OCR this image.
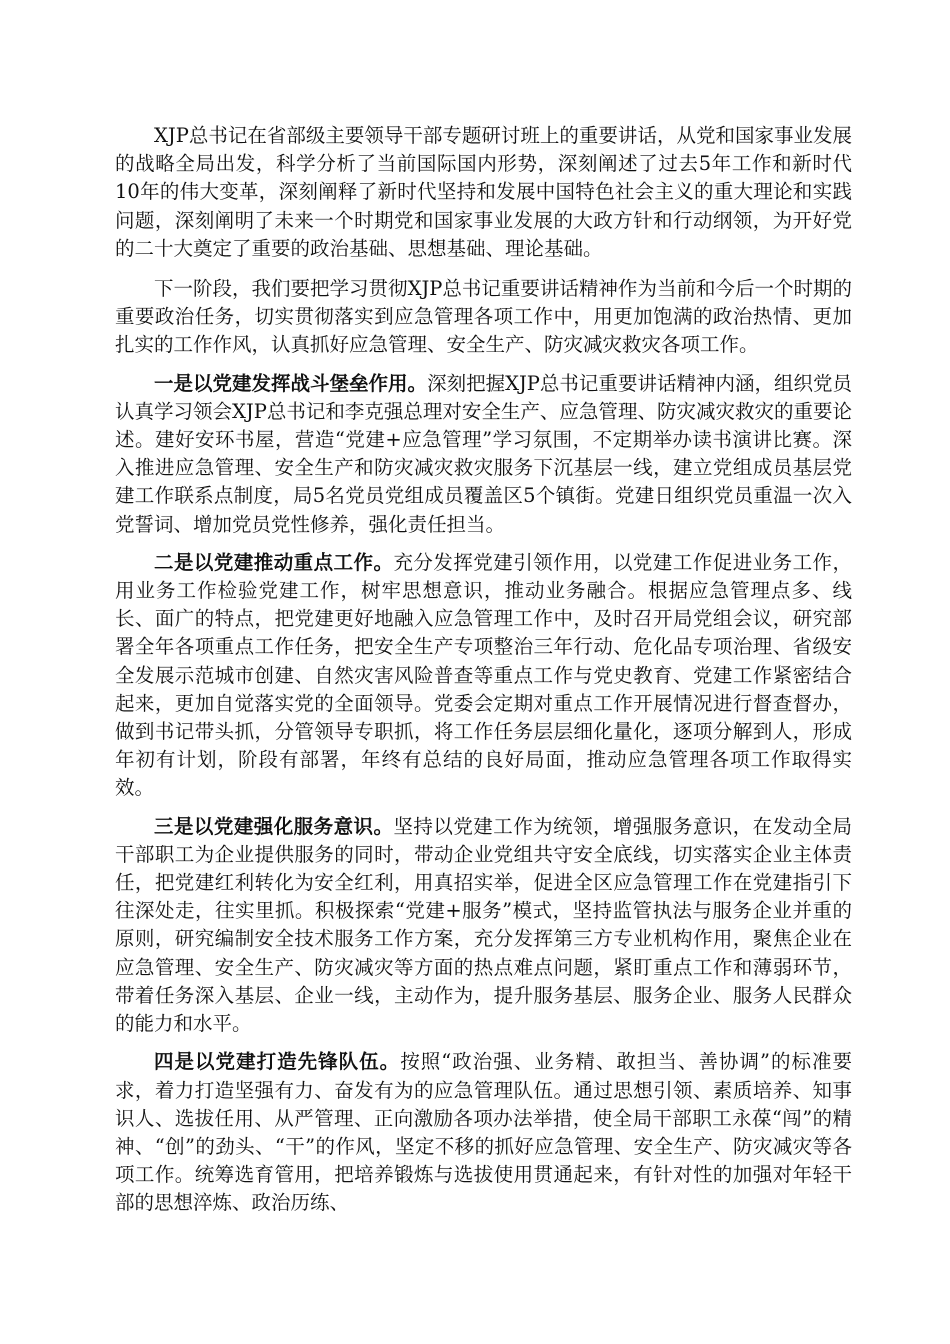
XJP总书记在省部级主要领导干部专题研讨班上的重要讲话，从党和国家事业发展的战略全局出发，科学分析了当前国际国内形势，深刻阐述了过去5年工作和新时代10年的伟大变革，深刻阐释了新时代坚持和发展中国特色社会主义的重大理论和实践问题，深刻阐明了未来一个时期党和国家事业发展的大政方针和行动纲领，为开好党的二十大奠定了重要的政治基础、思想基础、理论基础。

下一阶段，我们要把学习贯彻XJP总书记重要讲话精神作为当前和今后一个时期的重要政治任务，切实贯彻落实到应急管理各项工作中，用更加饱满的政治热情、更加扎实的工作作风，认真抓好应急管理、安全生产、防灾减灾救灾各项工作。

一是以党建发挥战斗堡垒作用。深刻把握XJP总书记重要讲话精神内涵，组织党员认真学习领会XJP总书记和李克强总理对安全生产、应急管理、防灾减灾救灾的重要论述。建好安环书屋，营造“党建+应急管理”学习氛围，不定期举办读书演讲比赛。深入推进应急管理、安全生产和防灾减灾救灾服务下沉基层一线，建立党组成员基层党建工作联系点制度，局5名党员党组成员覆盖区5个镇街。党建日组织党员重温一次入党誓词、增加党员党性修养，强化责任担当。

二是以党建推动重点工作。充分发挥党建引领作用，以党建工作促进业务工作，用业务工作检验党建工作，树牢思想意识，推动业务融合。根据应急管理点多、线长、面广的特点，把党建更好地融入应急管理工作中，及时召开局党组会议，研究部署全年各项重点工作任务，把安全生产专项整治三年行动、危化品专项治理、省级安全发展示范城市创建、自然灾害风险普查等重点工作与党史教育、党建工作紧密结合起来，更加自觉落实党的全面领导。党委会定期对重点工作开展情况进行督查督办，做到书记带头抓，分管领导专职抓，将工作任务层层细化量化，逐项分解到人，形成年初有计划，阶段有部署，年终有总结的良好局面，推动应急管理各项工作取得实效。

三是以党建强化服务意识。坚持以党建工作为统领，增强服务意识，在发动全局干部职工为企业提供服务的同时，带动企业党组共守安全底线，切实落实企业主体责任，把党建红利转化为安全红利，用真招实举，促进全区应急管理工作在党建指引下往深处走，往实里抓。积极探索“党建+服务”模式，坚持监管执法与服务企业并重的原则，研究编制安全技术服务工作方案，充分发挥第三方专业机构作用，聚焦企业在应急管理、安全生产、防灾减灾等方面的热点难点问题，紧盯重点工作和薄弱环节，带着任务深入基层、企业一线，主动作为，提升服务基层、服务企业、服务人民群众的能力和水平。

四是以党建打造先锋队伍。按照“政治强、业务精、敢担当、善协调”的标准要求，着力打造坚强有力、奋发有为的应急管理队伍。通过思想引领、素质培养、知事识人、选拔任用、从严管理、正向激励各项办法举措，使全局干部职工永葆“闯”的精神、“创”的劲头、“干”的作风，坚定不移的抓好应急管理、安全生产、防灾减灾等各项工作。统筹选育管用，把培养锻炼与选拔使用贯通起来，有针对性的加强对年轻干部的思想淬炼、政治历练、
